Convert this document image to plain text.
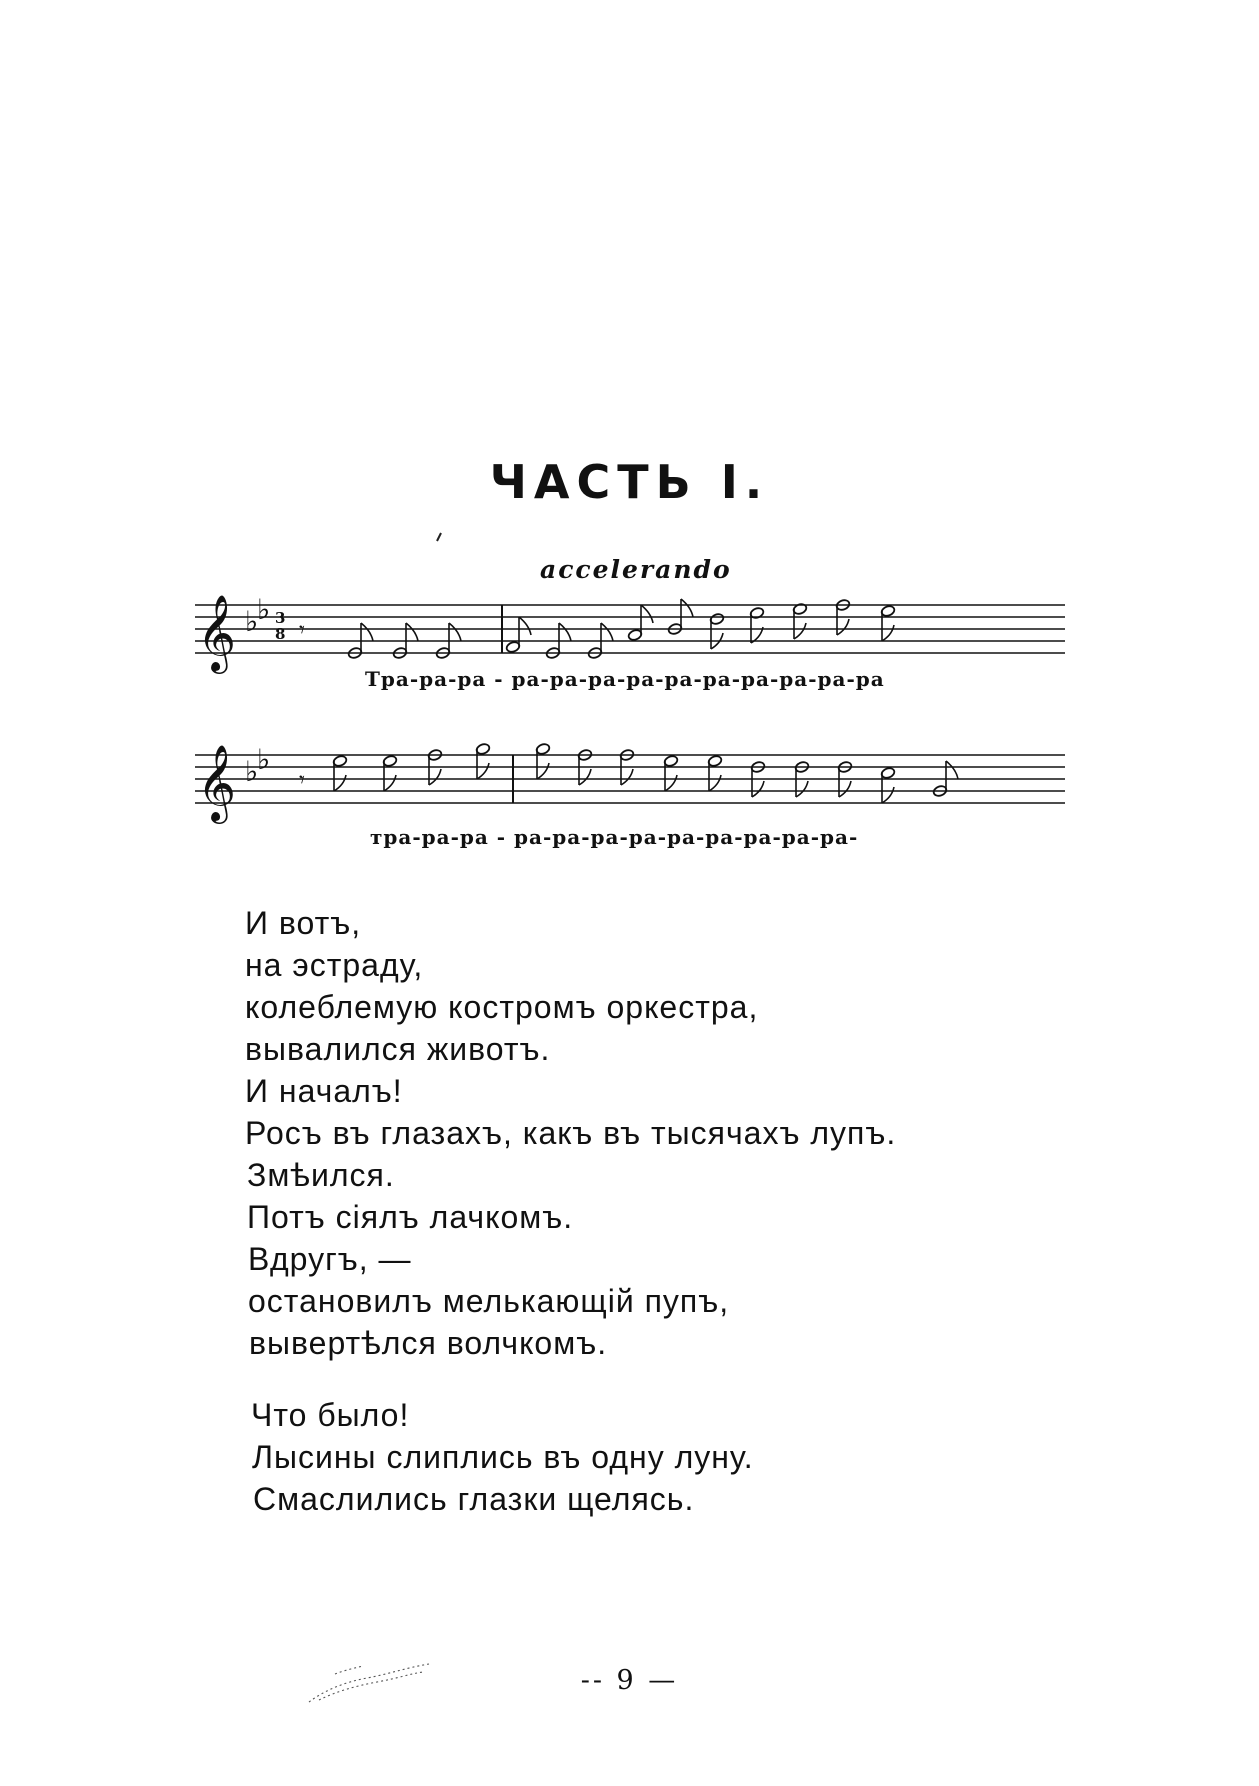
ЧАСТЬ I.
accelerando
𝄞 ♭
♭ 3
8 𝄾
Тра-ра-ра - ра-ра-ра-ра-ра-ра-ра-ра-ра-ра
𝄞 ♭
♭
𝄾
тра-ра-ра - ра-ра-ра-ра-ра-ра-ра-ра-ра-
И вотъ,
на эстраду,
колеблемую костромъ оркестра,
вывалился животъ.
И началъ!
Росъ въ глазахъ, какъ въ тысячахъ лупъ.
Змѣился.
Потъ сіялъ лачкомъ.
Вдругъ, —
остановилъ мелькающій пупъ,
вывертѣлся волчкомъ.
Что было!
Лысины слиплись въ одну луну.
Смаслились глазки щелясь.
-- 9 —
